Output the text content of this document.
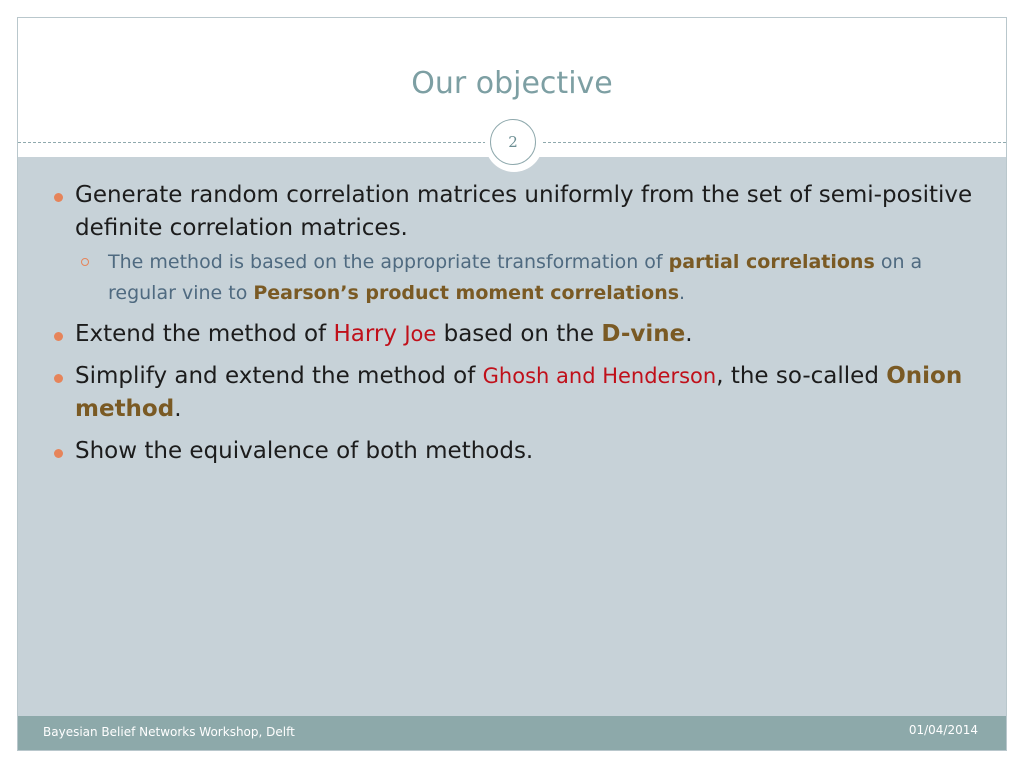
Our objective
2
Generate random correlation matrices uniformly from the set of semi-positive definite correlation matrices.
The method is based on the appropriate transformation of partial correlations on a regular vine to Pearson’s product moment correlations.
Extend the method of Harry Joe based on the D-vine.
Simplify and extend the method of Ghosh and Henderson, the so-called Onion method.
Show the equivalence of both methods.
Bayesian Belief Networks Workshop, Delft	01/04/2014
